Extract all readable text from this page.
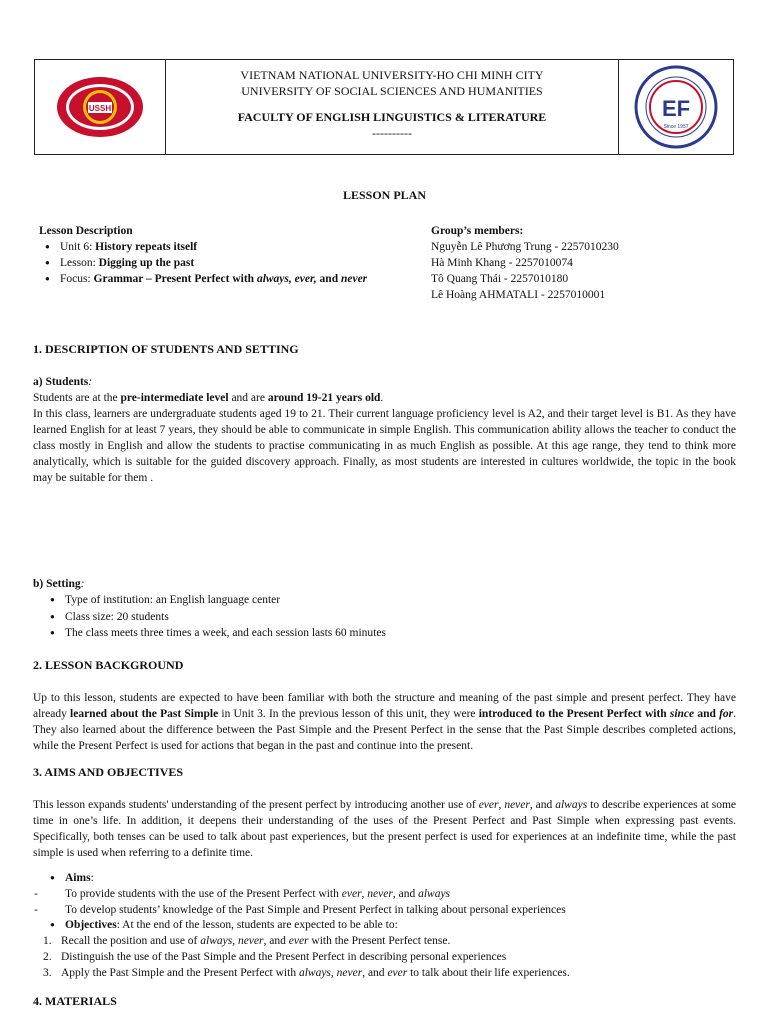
USSH
VIETNAM NATIONAL UNIVERSITY-HO CHI MINH CITY
UNIVERSITY OF SOCIAL SCIENCES AND HUMANITIES
FACULTY OF ENGLISH LINGUISTICS & LITERATURE
----------
EF
Since 1957
LESSON PLAN
Lesson Description
● Unit 6: History repeats itself
● Lesson: Digging up the past
● Focus: Grammar – Present Perfect with always, ever, and never
Group’s members:
Nguyễn Lê Phương Trung - 2257010230
Hà Minh Khang - 2257010074
Tô Quang Thái - 2257010180
Lê Hoàng AHMATALI - 2257010001
1. DESCRIPTION OF STUDENTS AND SETTING
a) Students:
Students are at the pre-intermediate level and are around 19-21 years old.
In this class, learners are undergraduate students aged 19 to 21. Their current language proficiency level is A2, and their target level is B1. As they have learned English for at least 7 years, they should be able to communicate in simple English. This communication ability allows the teacher to conduct the class mostly in English and allow the students to practise communicating in as much English as possible. At this age range, they tend to think more analytically, which is suitable for the guided discovery approach. Finally, as most students are interested in cultures worldwide, the topic in the book may be suitable for them .
b) Setting:
● Type of institution: an English language center
● Class size: 20 students
● The class meets three times a week, and each session lasts 60 minutes
2. LESSON BACKGROUND
Up to this lesson, students are expected to have been familiar with both the structure and meaning of the past simple and present perfect. They have already learned about the Past Simple in Unit 3. In the previous lesson of this unit, they were introduced to the Present Perfect with since and for. They also learned about the difference between the Past Simple and the Present Perfect in the sense that the Past Simple describes completed actions, while the Present Perfect is used for actions that began in the past and continue into the present.
3. AIMS AND OBJECTIVES
This lesson expands students' understanding of the present perfect by introducing another use of ever, never, and always to describe experiences at some time in one’s life. In addition, it deepens their understanding of the uses of the Present Perfect and Past Simple when expressing past events. Specifically, both tenses can be used to talk about past experiences, but the present perfect is used for experiences at an indefinite time, while the past simple is used when referring to a definite time.
● Aims:
- To provide students with the use of the Present Perfect with ever, never, and always
- To develop students’ knowledge of the Past Simple and Present Perfect in talking about personal experiences
● Objectives: At the end of the lesson, students are expected to be able to:
1. Recall the position and use of always, never, and ever with the Present Perfect tense.
2. Distinguish the use of the Past Simple and the Present Perfect in describing personal experiences
3. Apply the Past Simple and the Present Perfect with always, never, and ever to talk about their life experiences.
4. MATERIALS
